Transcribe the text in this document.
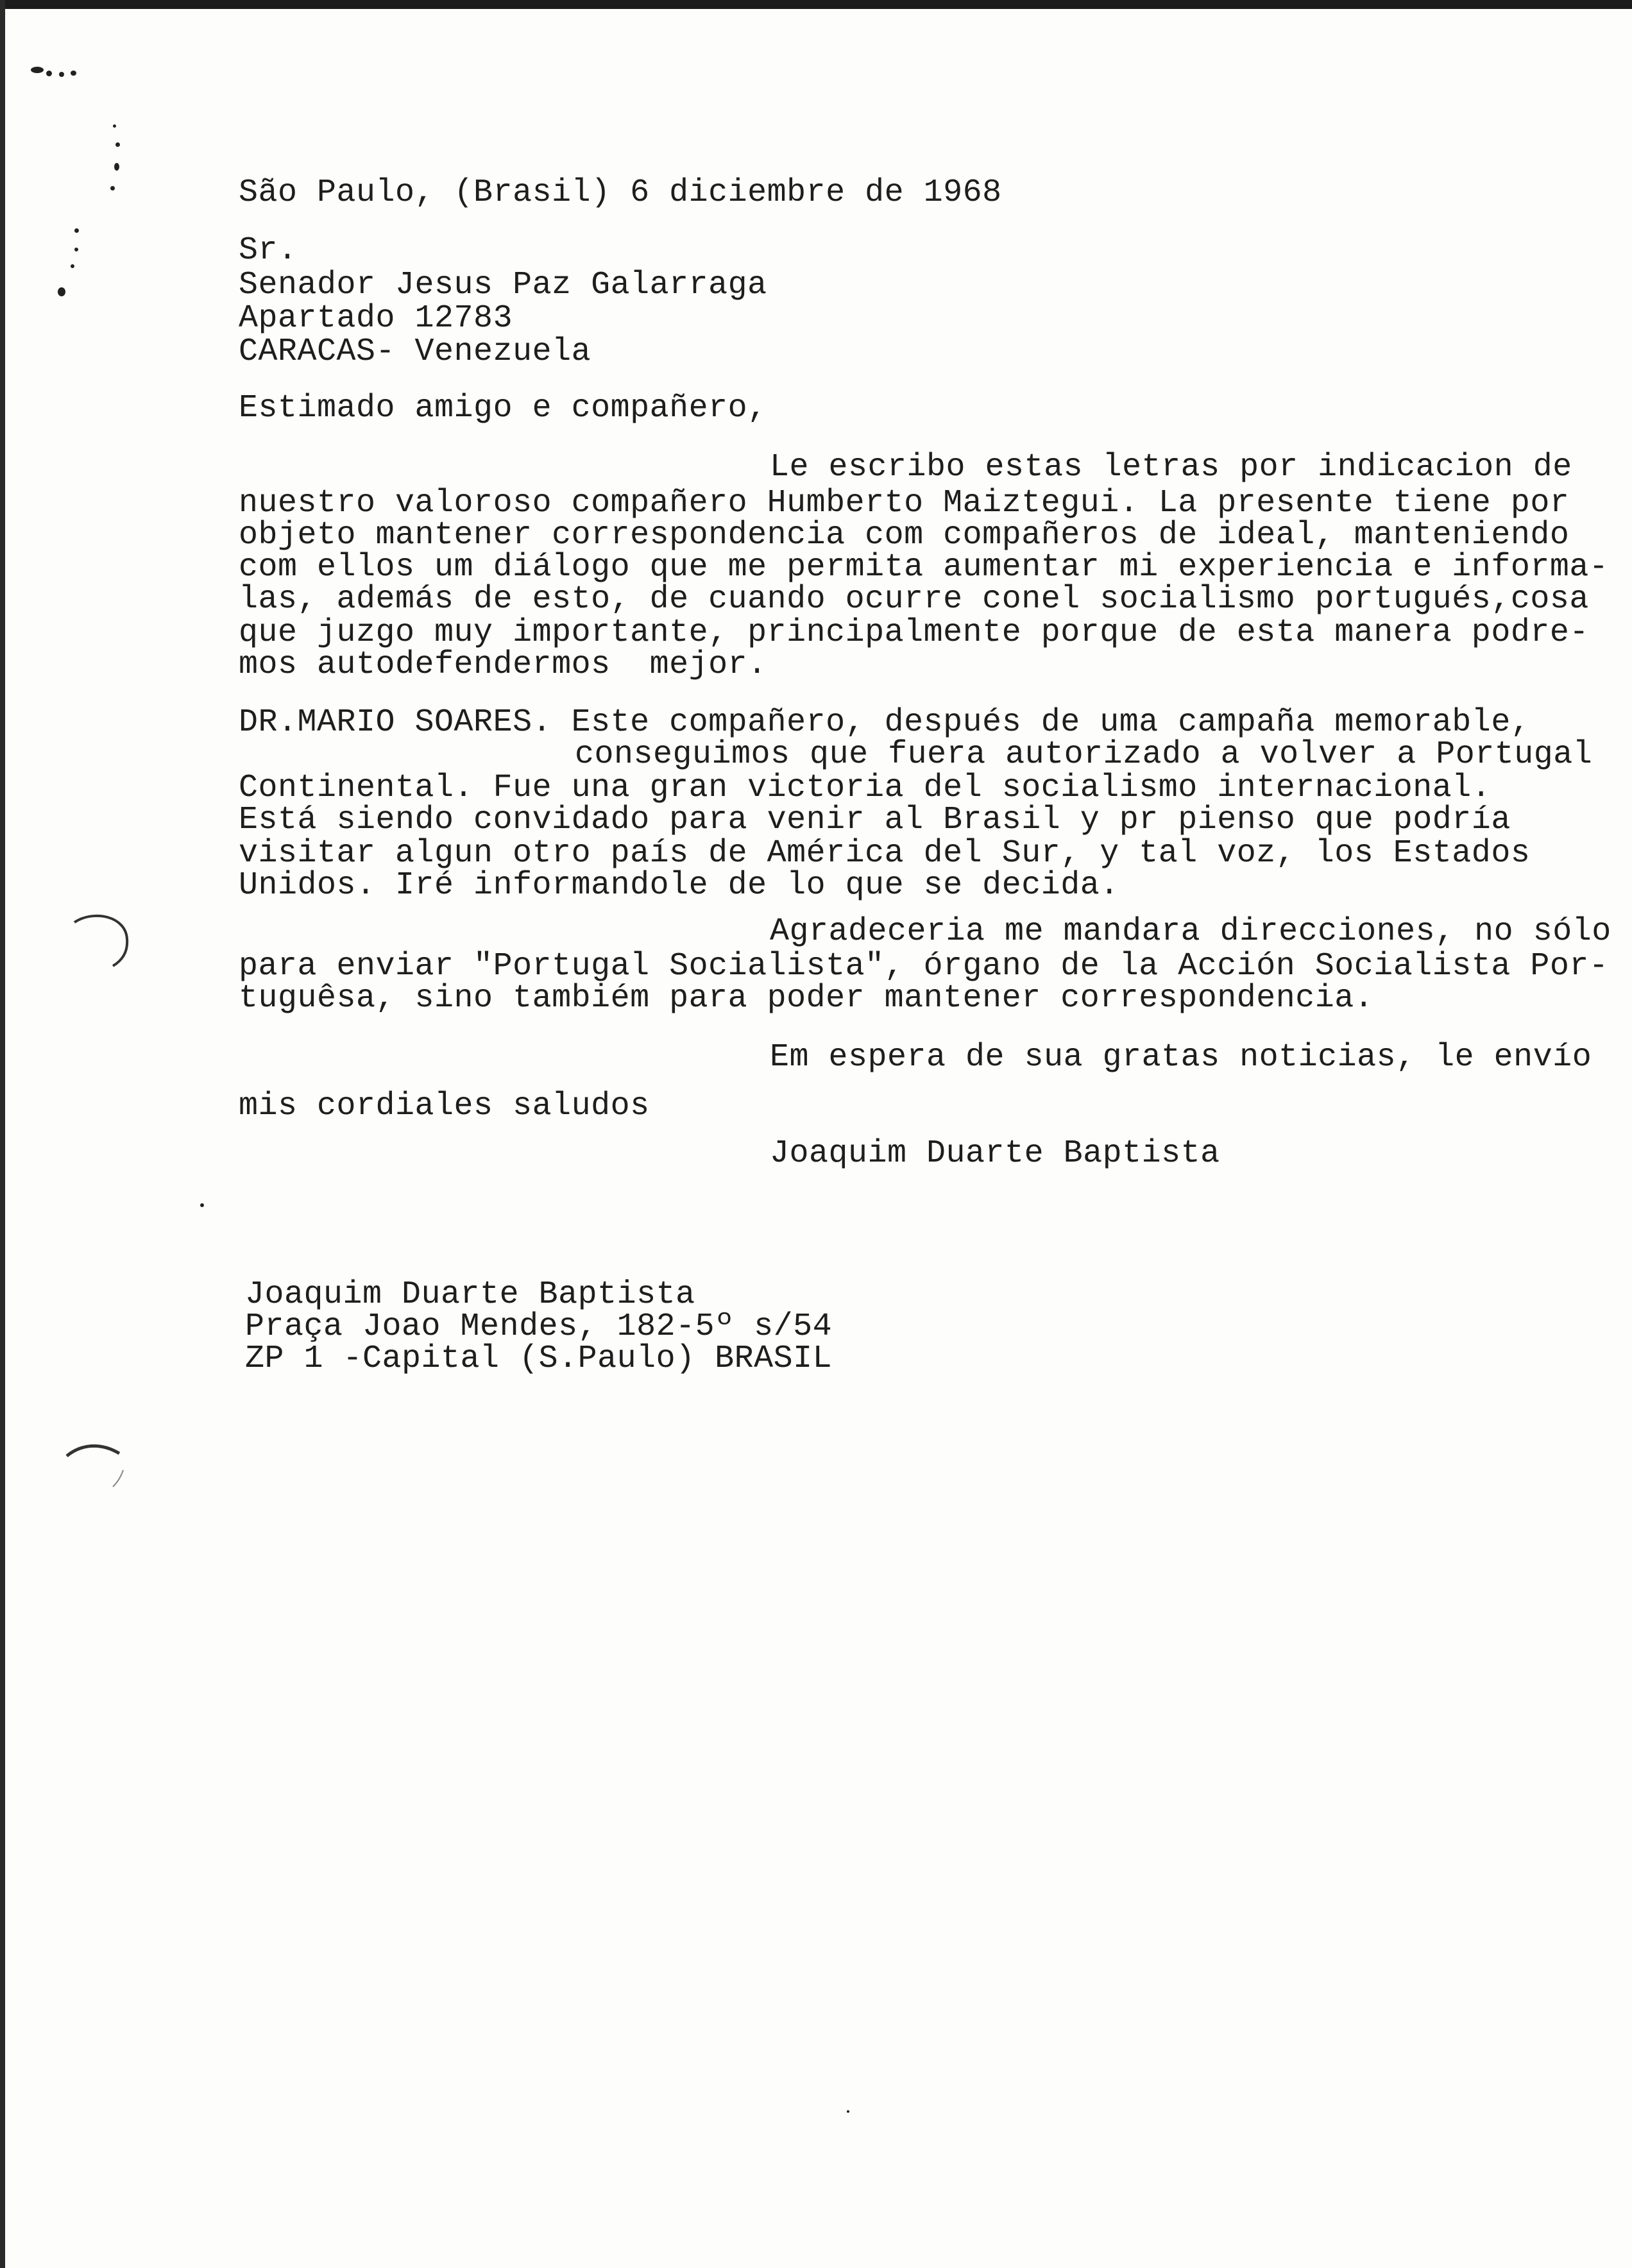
São Paulo, (Brasil) 6 diciembre de 1968
Sr.
Senador Jesus Paz Galarraga
Apartado 12783
CARACAS- Venezuela
Estimado amigo e compañero,
Le escribo estas letras por indicacion de
nuestro valoroso compañero Humberto Maiztegui. La presente tiene por
objeto mantener correspondencia com compañeros de ideal, manteniendo
com ellos um diálogo que me permita aumentar mi experiencia e informa-
las, además de esto, de cuando ocurre conel socialismo portugués,cosa
que juzgo muy importante, principalmente porque de esta manera podre-
mos autodefendermos  mejor.
DR.MARIO SOARES. Este compañero, después de uma campaña memorable,
conseguimos que fuera autorizado a volver a Portugal
Continental. Fue una gran victoria del socialismo internacional.
Está siendo convidado para venir al Brasil y pr pienso que podría
visitar algun otro país de América del Sur, y tal voz, los Estados
Unidos. Iré informandole de lo que se decida.
Agradeceria me mandara direcciones, no sólo
para enviar "Portugal Socialista", órgano de la Acción Socialista Por-
tuguêsa, sino tambiém para poder mantener correspondencia.
Em espera de sua gratas noticias, le envío
mis cordiales saludos
Joaquim Duarte Baptista
Joaquim Duarte Baptista
Praça Joao Mendes, 182-5º s/54
ZP 1 -Capital (S.Paulo) BRASIL
